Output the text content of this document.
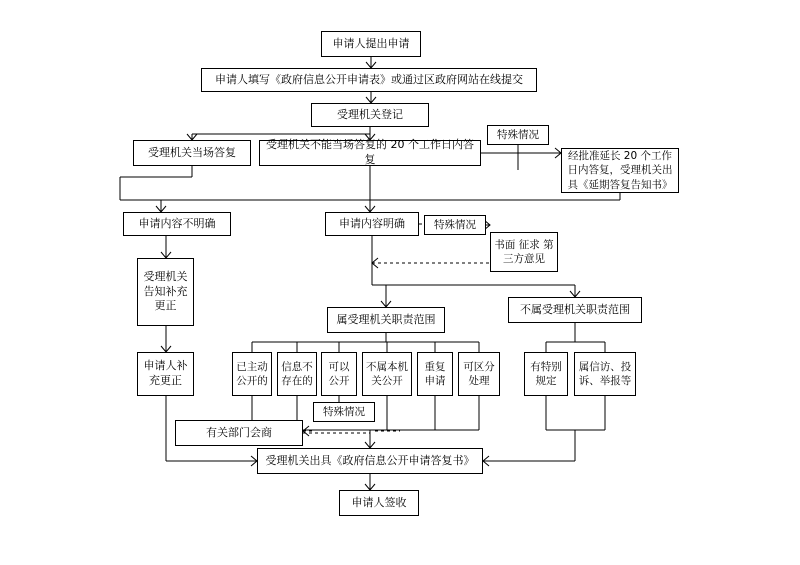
申请人提出申请
申请人填写《政府信息公开申请表》或通过区政府网站在线提交
受理机关登记
受理机关当场答复
受理机关不能当场答复的 20 个工作日内答复	经批准延长 20 个工作日内答复，受理机关出具《延期答复告知书》
申请内容不明确	申请内容明确
书面 征求 第三方意见
受理机关告知补充更正
属受理机关职责范围
不属受理机关职责范围
申请人补充更正
已主动公开的
信息不存在的
可以公开
不属本机关公开
重复申请
可区分处理
有特别规定
属信访、投诉、举报等
有关部门会商
受理机关出具《政府信息公开申请答复书》
申请人签收
特殊情况
特殊情况
特殊情况
